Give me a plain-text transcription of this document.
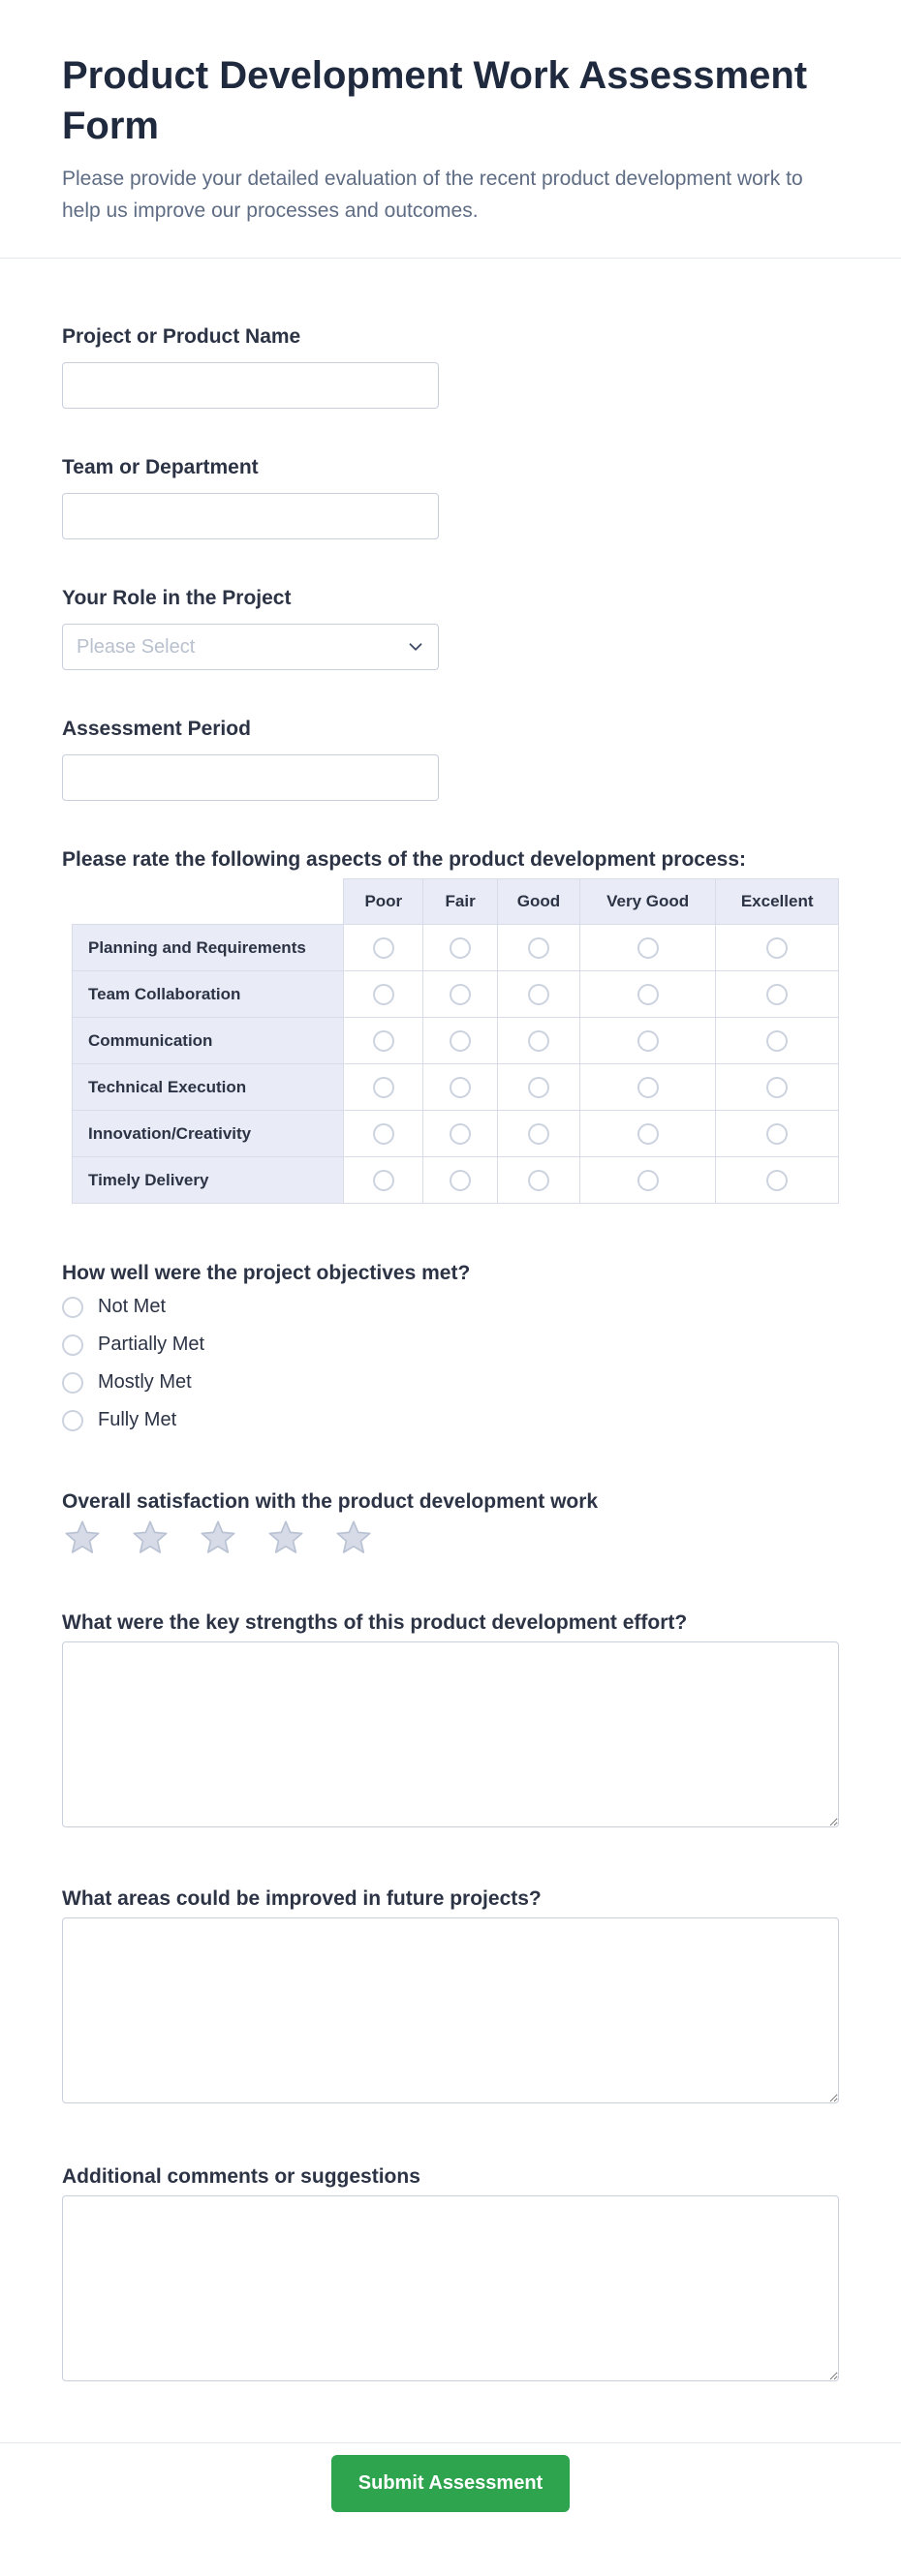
Product Development Work Assessment Form

Please provide your detailed evaluation of the recent product development work to help us improve our processes and outcomes.

Project or Product Name
Team or Department
Your Role in the Project
Please Select
Assessment Period
Please rate the following aspects of the product development process:
	Poor	Fair	Good	Very Good	Excellent
Planning and Requirements					
Team Collaboration					
Communication					
Technical Execution					
Innovation/Creativity					
Timely Delivery					
How well were the project objectives met?
Not Met
Partially Met
Mostly Met
Fully Met
Overall satisfaction with the product development work
What were the key strengths of this product development effort?
What areas could be improved in future projects?
Additional comments or suggestions
Submit Assessment
